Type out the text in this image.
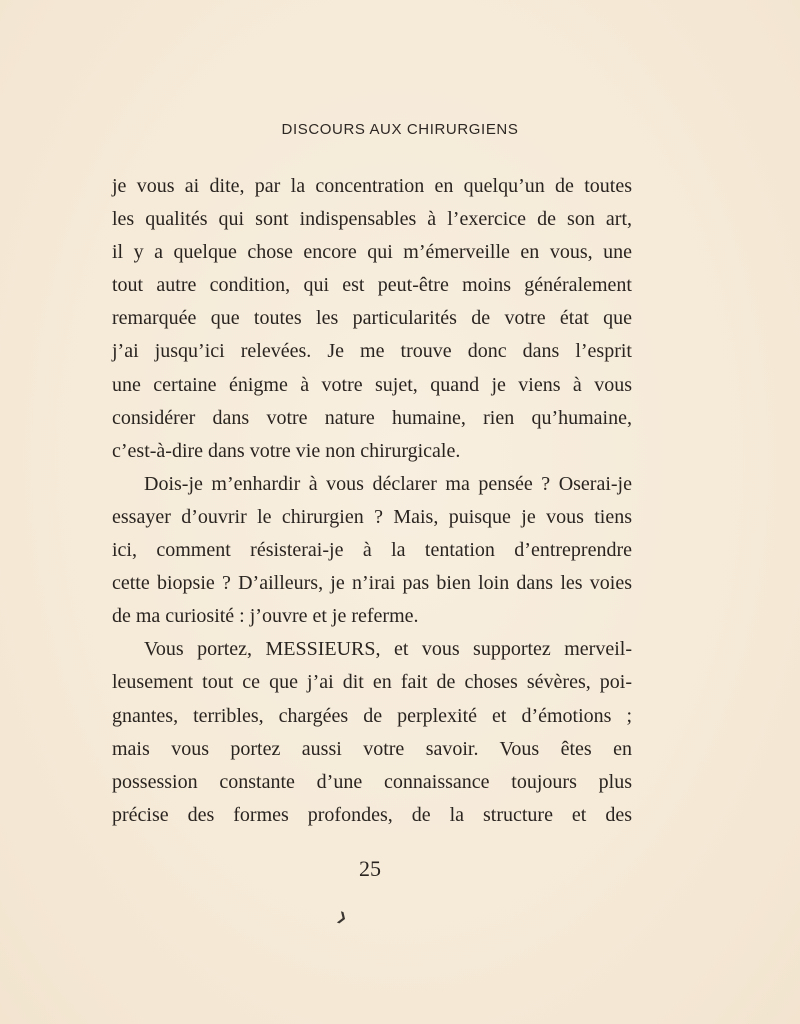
DISCOURS AUX CHIRURGIENS
je vous ai dite, par la concentration en quelqu’un de toutes
les qualités qui sont indispensables à l’exercice de son art,
il y a quelque chose encore qui m’émerveille en vous, une
tout autre condition, qui est peut-être moins généralement
remarquée que toutes les particularités de votre état que
j’ai jusqu’ici relevées. Je me trouve donc dans l’esprit
une certaine énigme à votre sujet, quand je viens à vous
considérer dans votre nature humaine, rien qu’humaine,
c’est-à-dire dans votre vie non chirurgicale.
Dois-je m’enhardir à vous déclarer ma pensée ? Oserai-je
essayer d’ouvrir le chirurgien ? Mais, puisque je vous tiens
ici, comment résisterai-je à la tentation d’entreprendre
cette biopsie ? D’ailleurs, je n’irai pas bien loin dans les voies
de ma curiosité : j’ouvre et je referme.
Vous portez, MESSIEURS, et vous supportez merveil-
leusement tout ce que j’ai dit en fait de choses sévères, poi-
gnantes, terribles, chargées de perplexité et d’émotions ;
mais vous portez aussi votre savoir. Vous êtes en
possession constante d’une connaissance toujours plus
précise des formes profondes, de la structure et des
25
❯
